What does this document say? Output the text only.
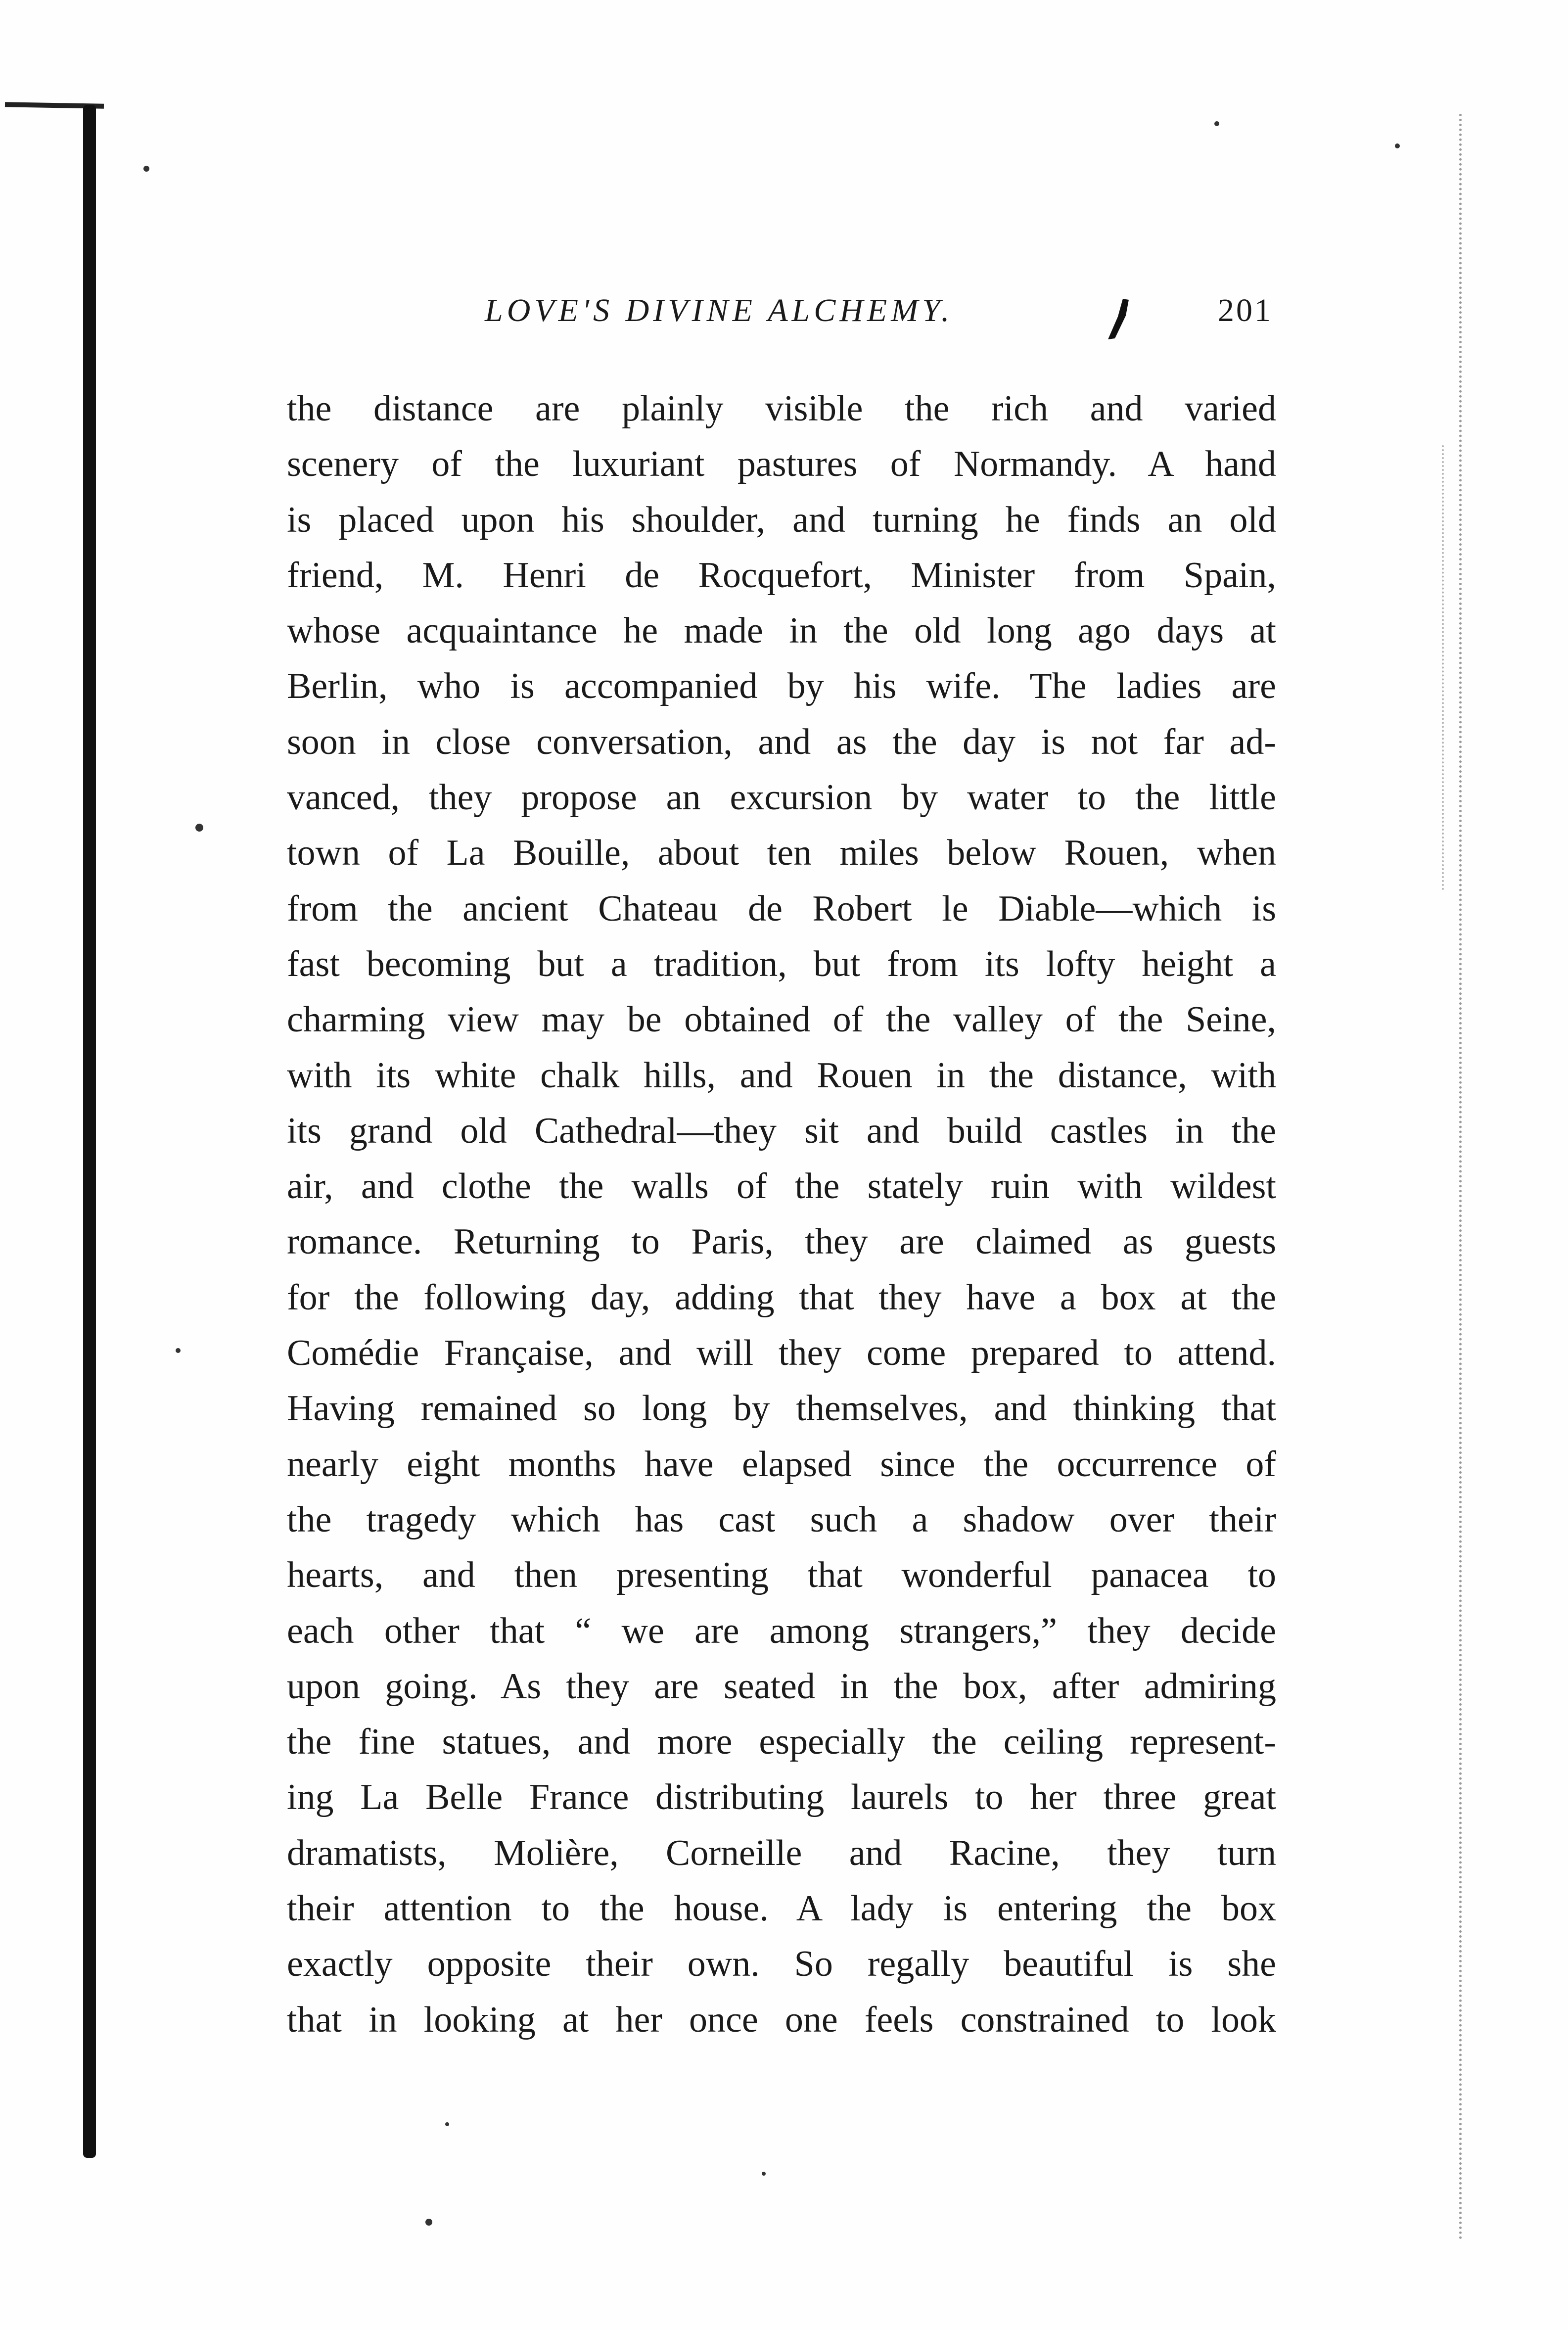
LOVE'S DIVINE ALCHEMY.	201
the distance are plainly visible the rich and varied
scenery of the luxuriant pastures of Normandy. A hand
is placed upon his shoulder, and turning he finds an old
friend, M. Henri de Rocquefort, Minister from Spain,
whose acquaintance he made in the old long ago days at
Berlin, who is accompanied by his wife. The ladies are
soon in close conversation, and as the day is not far ad-
vanced, they propose an excursion by water to the little
town of La Bouille, about ten miles below Rouen, when
from the ancient Chateau de Robert le Diable—which is
fast becoming but a tradition, but from its lofty height a
charming view may be obtained of the valley of the Seine,
with its white chalk hills, and Rouen in the distance, with
its grand old Cathedral—they sit and build castles in the
air, and clothe the walls of the stately ruin with wildest
romance. Returning to Paris, they are claimed as guests
for the following day, adding that they have a box at the
Comédie Française, and will they come prepared to attend.
Having remained so long by themselves, and thinking that
nearly eight months have elapsed since the occurrence of
the tragedy which has cast such a shadow over their
hearts, and then presenting that wonderful panacea to
each other that “ we are among strangers,” they decide
upon going. As they are seated in the box, after admiring
the fine statues, and more especially the ceiling represent-
ing La Belle France distributing laurels to her three great
dramatists, Molière, Corneille and Racine, they turn
their attention to the house. A lady is entering the box
exactly opposite their own. So regally beautiful is she
that in looking at her once one feels constrained to look
